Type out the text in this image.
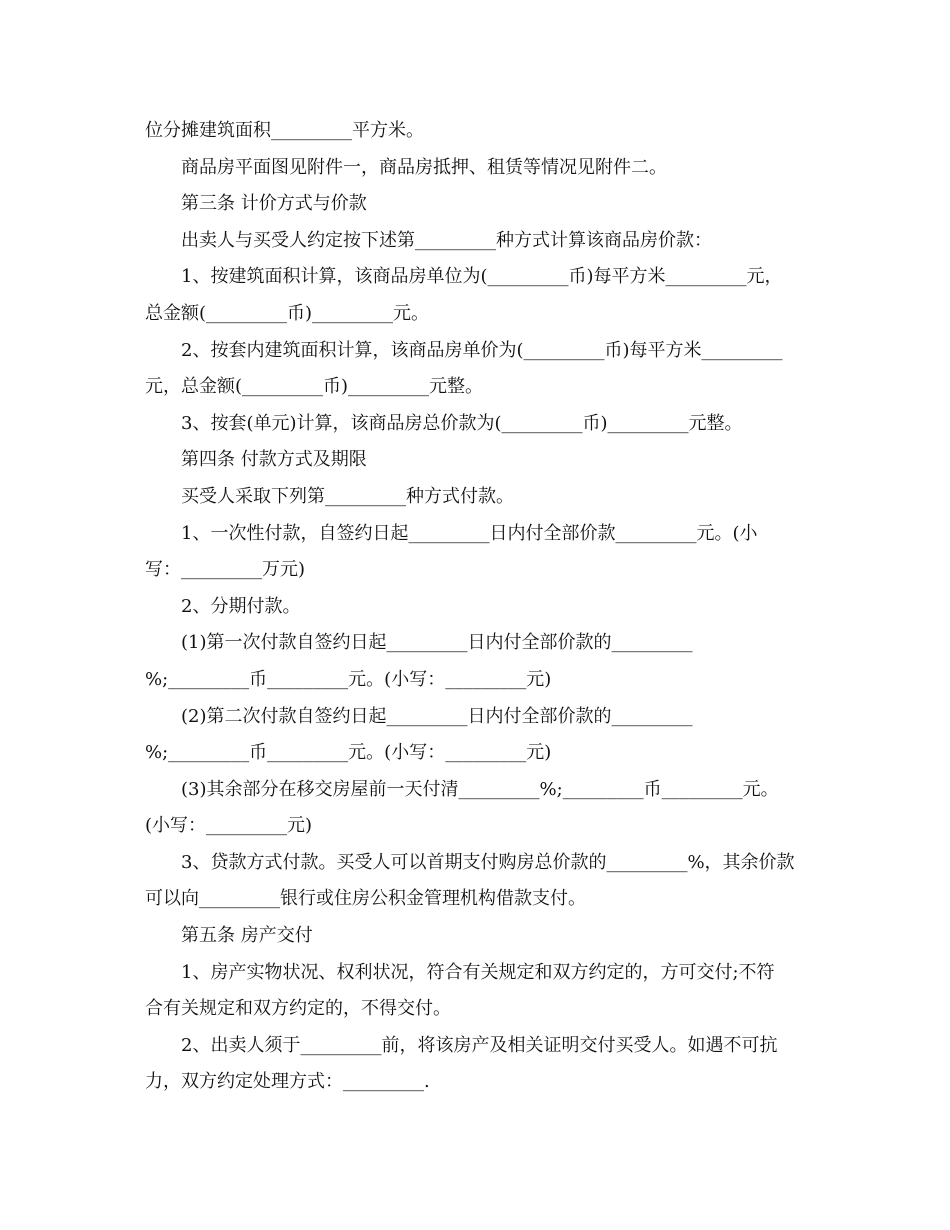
位分摊建筑面积_________平方米。
商品房平面图见附件一，商品房抵押、租赁等情况见附件二。
第三条 计价方式与价款
出卖人与买受人约定按下述第_________种方式计算该商品房价款：
1、按建筑面积计算，该商品房单位为(_________币)每平方米_________元，
总金额(_________币)_________元。
2、按套内建筑面积计算，该商品房单价为(_________币)每平方米_________
元，总金额(_________币)_________元整。
3、按套(单元)计算，该商品房总价款为(_________币)_________元整。
第四条 付款方式及期限
买受人采取下列第_________种方式付款。
1、一次性付款，自签约日起_________日内付全部价款_________元。(小
写：_________万元)
2、分期付款。
(1)第一次付款自签约日起_________日内付全部价款的_________
%;_________币_________元。(小写：_________元)
(2)第二次付款自签约日起_________日内付全部价款的_________
%;_________币_________元。(小写：_________元)
(3)其余部分在移交房屋前一天付清_________%;_________币_________元。
(小写：_________元)
3、贷款方式付款。买受人可以首期支付购房总价款的_________%，其余价款
可以向_________银行或住房公积金管理机构借款支付。
第五条 房产交付
1、房产实物状况、权利状况，符合有关规定和双方约定的，方可交付;不符
合有关规定和双方约定的，不得交付。
2、出卖人须于_________前，将该房产及相关证明交付买受人。如遇不可抗
力，双方约定处理方式：_________.
